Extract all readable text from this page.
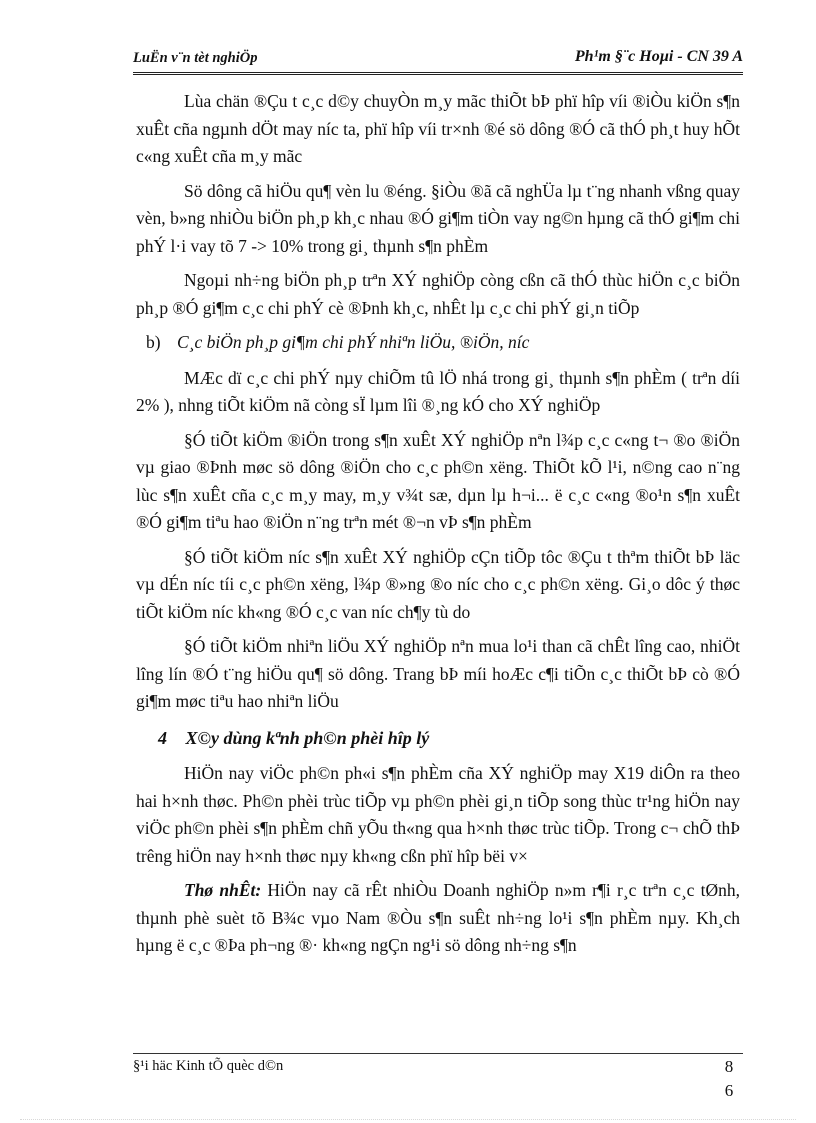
LuËn v¨n tèt nghiÖp	Ph¹m §¨c Hoµi - CN 39 A

Lùa chän ®Çu t c¸c d©y chuyÒn m¸y mãc thiÕt bÞ phï hîp víi ®iÒu kiÖn s¶n xuÊt cña ngµnh dÖt may níc ta, phï hîp víi tr×nh ®é sö dông ®Ó cã thÓ ph¸t huy hÕt c«ng xuÊt cña m¸y mãc

Sö dông cã hiÖu qu¶ vèn lu ®éng. §iÒu ®ã cã nghÜa lµ t¨ng nhanh vßng quay vèn, b»ng nhiÒu biÖn ph¸p kh¸c nhau ®Ó gi¶m tiÒn vay ng©n hµng cã thÓ gi¶m chi phÝ l·i vay tõ 7 -> 10% trong gi¸ thµnh s¶n phÈm

Ngoµi nh÷ng biÖn ph¸p trªn XÝ nghiÖp còng cßn cã thÓ thùc hiÖn c¸c biÖn ph¸p ®Ó gi¶m c¸c chi phÝ cè ®Þnh kh¸c, nhÊt lµ c¸c chi phÝ gi¸n tiÕp

b) C¸c biÖn ph¸p gi¶m chi phÝ nhiªn liÖu, ®iÖn, níc

MÆc dï c¸c chi phÝ nµy chiÕm tû lÖ nhá trong gi¸ thµnh s¶n phÈm ( trªn díi 2% ), nhng tiÕt kiÖm nã còng sÏ lµm lîi ®¸ng kÓ cho XÝ nghiÖp

§Ó tiÕt kiÖm ®iÖn trong s¶n xuÊt XÝ nghiÖp nªn l¾p c¸c c«ng t¬ ®o ®iÖn vµ giao ®Þnh møc sö dông ®iÖn cho c¸c ph©n xëng. ThiÕt kÕ l¹i, n©ng cao n¨ng lùc s¶n xuÊt cña c¸c m¸y may, m¸y v¾t sæ, dµn lµ h¬i... ë c¸c c«ng ®o¹n s¶n xuÊt ®Ó gi¶m tiªu hao ®iÖn n¨ng trªn mét ®¬n vÞ s¶n phÈm

§Ó tiÕt kiÖm níc s¶n xuÊt XÝ nghiÖp cÇn tiÕp tôc ®Çu t thªm thiÕt bÞ läc vµ dÉn níc tíi c¸c ph©n xëng, l¾p ®»ng ®o níc cho c¸c ph©n xëng. Gi¸o dôc ý thøc tiÕt kiÖm níc kh«ng ®Ó c¸c van níc ch¶y tù do

§Ó tiÕt kiÖm nhiªn liÖu XÝ nghiÖp nªn mua lo¹i than cã chÊt lîng cao, nhiÖt lîng lín ®Ó t¨ng hiÖu qu¶ sö dông. Trang bÞ míi hoÆc c¶i tiÕn c¸c thiÕt bÞ cò ®Ó gi¶m møc tiªu hao nhiªn liÖu

4 X©y dùng kªnh ph©n phèi hîp lý

HiÖn nay viÖc ph©n ph«i s¶n phÈm cña XÝ nghiÖp may X19 diÔn ra theo hai h×nh thøc. Ph©n phèi trùc tiÕp vµ ph©n phèi gi¸n tiÕp song thùc tr¹ng hiÖn nay viÖc ph©n phèi s¶n phÈm chñ yÕu th«ng qua h×nh thøc trùc tiÕp. Trong c¬ chÕ thÞ trêng hiÖn nay h×nh thøc nµy kh«ng cßn phï hîp bëi v×

Thø nhÊt: HiÖn nay cã rÊt nhiÒu Doanh nghiÖp n»m r¶i r¸c trªn c¸c tØnh, thµnh phè suèt tõ B¾c vµo Nam ®Òu s¶n suÊt nh÷ng lo¹i s¶n phÈm nµy. Kh¸ch hµng ë c¸c ®Þa ph¬ng ®· kh«ng ngÇn ng¹i sö dông nh÷ng s¶n

§¹i häc Kinh tÕ quèc d©n	8
6
